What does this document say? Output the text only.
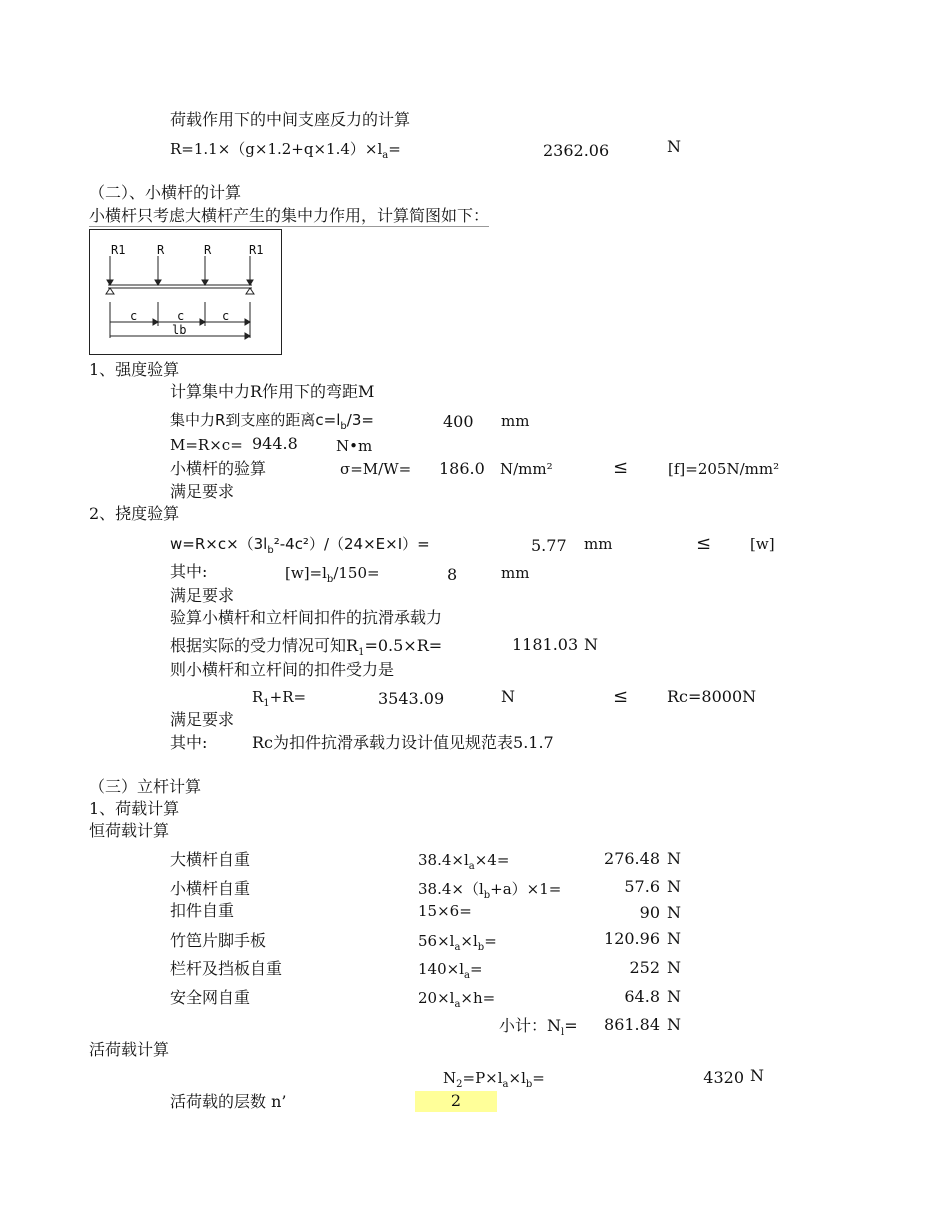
荷载作用下的中间支座反力的计算
$R=1.1\times(g\times 1.2+q\times 1.4)\times l_a=$	2362.06	N
（二）、小横杆的计算
小横杆只考虑大横杆产生的集中力作用，计算简图如下：
R1	R	R	R1
c	c	c
lb
1、强度验算
计算集中力R作用下的弯距M
集中力R到支座的距离$c=l_b/3=$	400 mm
M=R×c= 944.8	N•m
小横杆的验算	σ=M/W= 186.0 N/mm²	≤	[f]=205N/mm²
满足要求
2、挠度验算
$w=R\times c\times(3l_b^2-4c^2)/(24\times E\times I)=$	5.77 mm	≤	[w]
其中:	$[w]=l_b/150=$	8	mm
满足要求
验算小横杆和立杆间扣件的抗滑承载力
根据实际的受力情况可知$R_1=0.5\times R=$	1181.03 N
则小横杆和立杆间的扣件受力是
$R_1+R=$	3543.09	N	≤ Rc=8000N
满足要求
其中:	Rc为扣件抗滑承载力设计值见规范表5.1.7
（三）立杆计算
1、荷载计算
恒荷载计算
大横杆自重	$38.4\times l_a\times 4=$	276.48 N
小横杆自重	$38.4\times(l_b+a)\times 1=$	57.6 N
扣件自重	15×6=	90 N
竹笆片脚手板	$56\times l_a\times l_b=$	120.96 N
栏杆及挡板自重	$140\times l_a=$	252 N
安全网自重	$20\times l_a\times h=$	64.8 N
小计：$N_l=$	861.84 N
活荷载计算
$N_2=P\times l_a\times l_b=$	4320 N
活荷载的层数 n’	2
